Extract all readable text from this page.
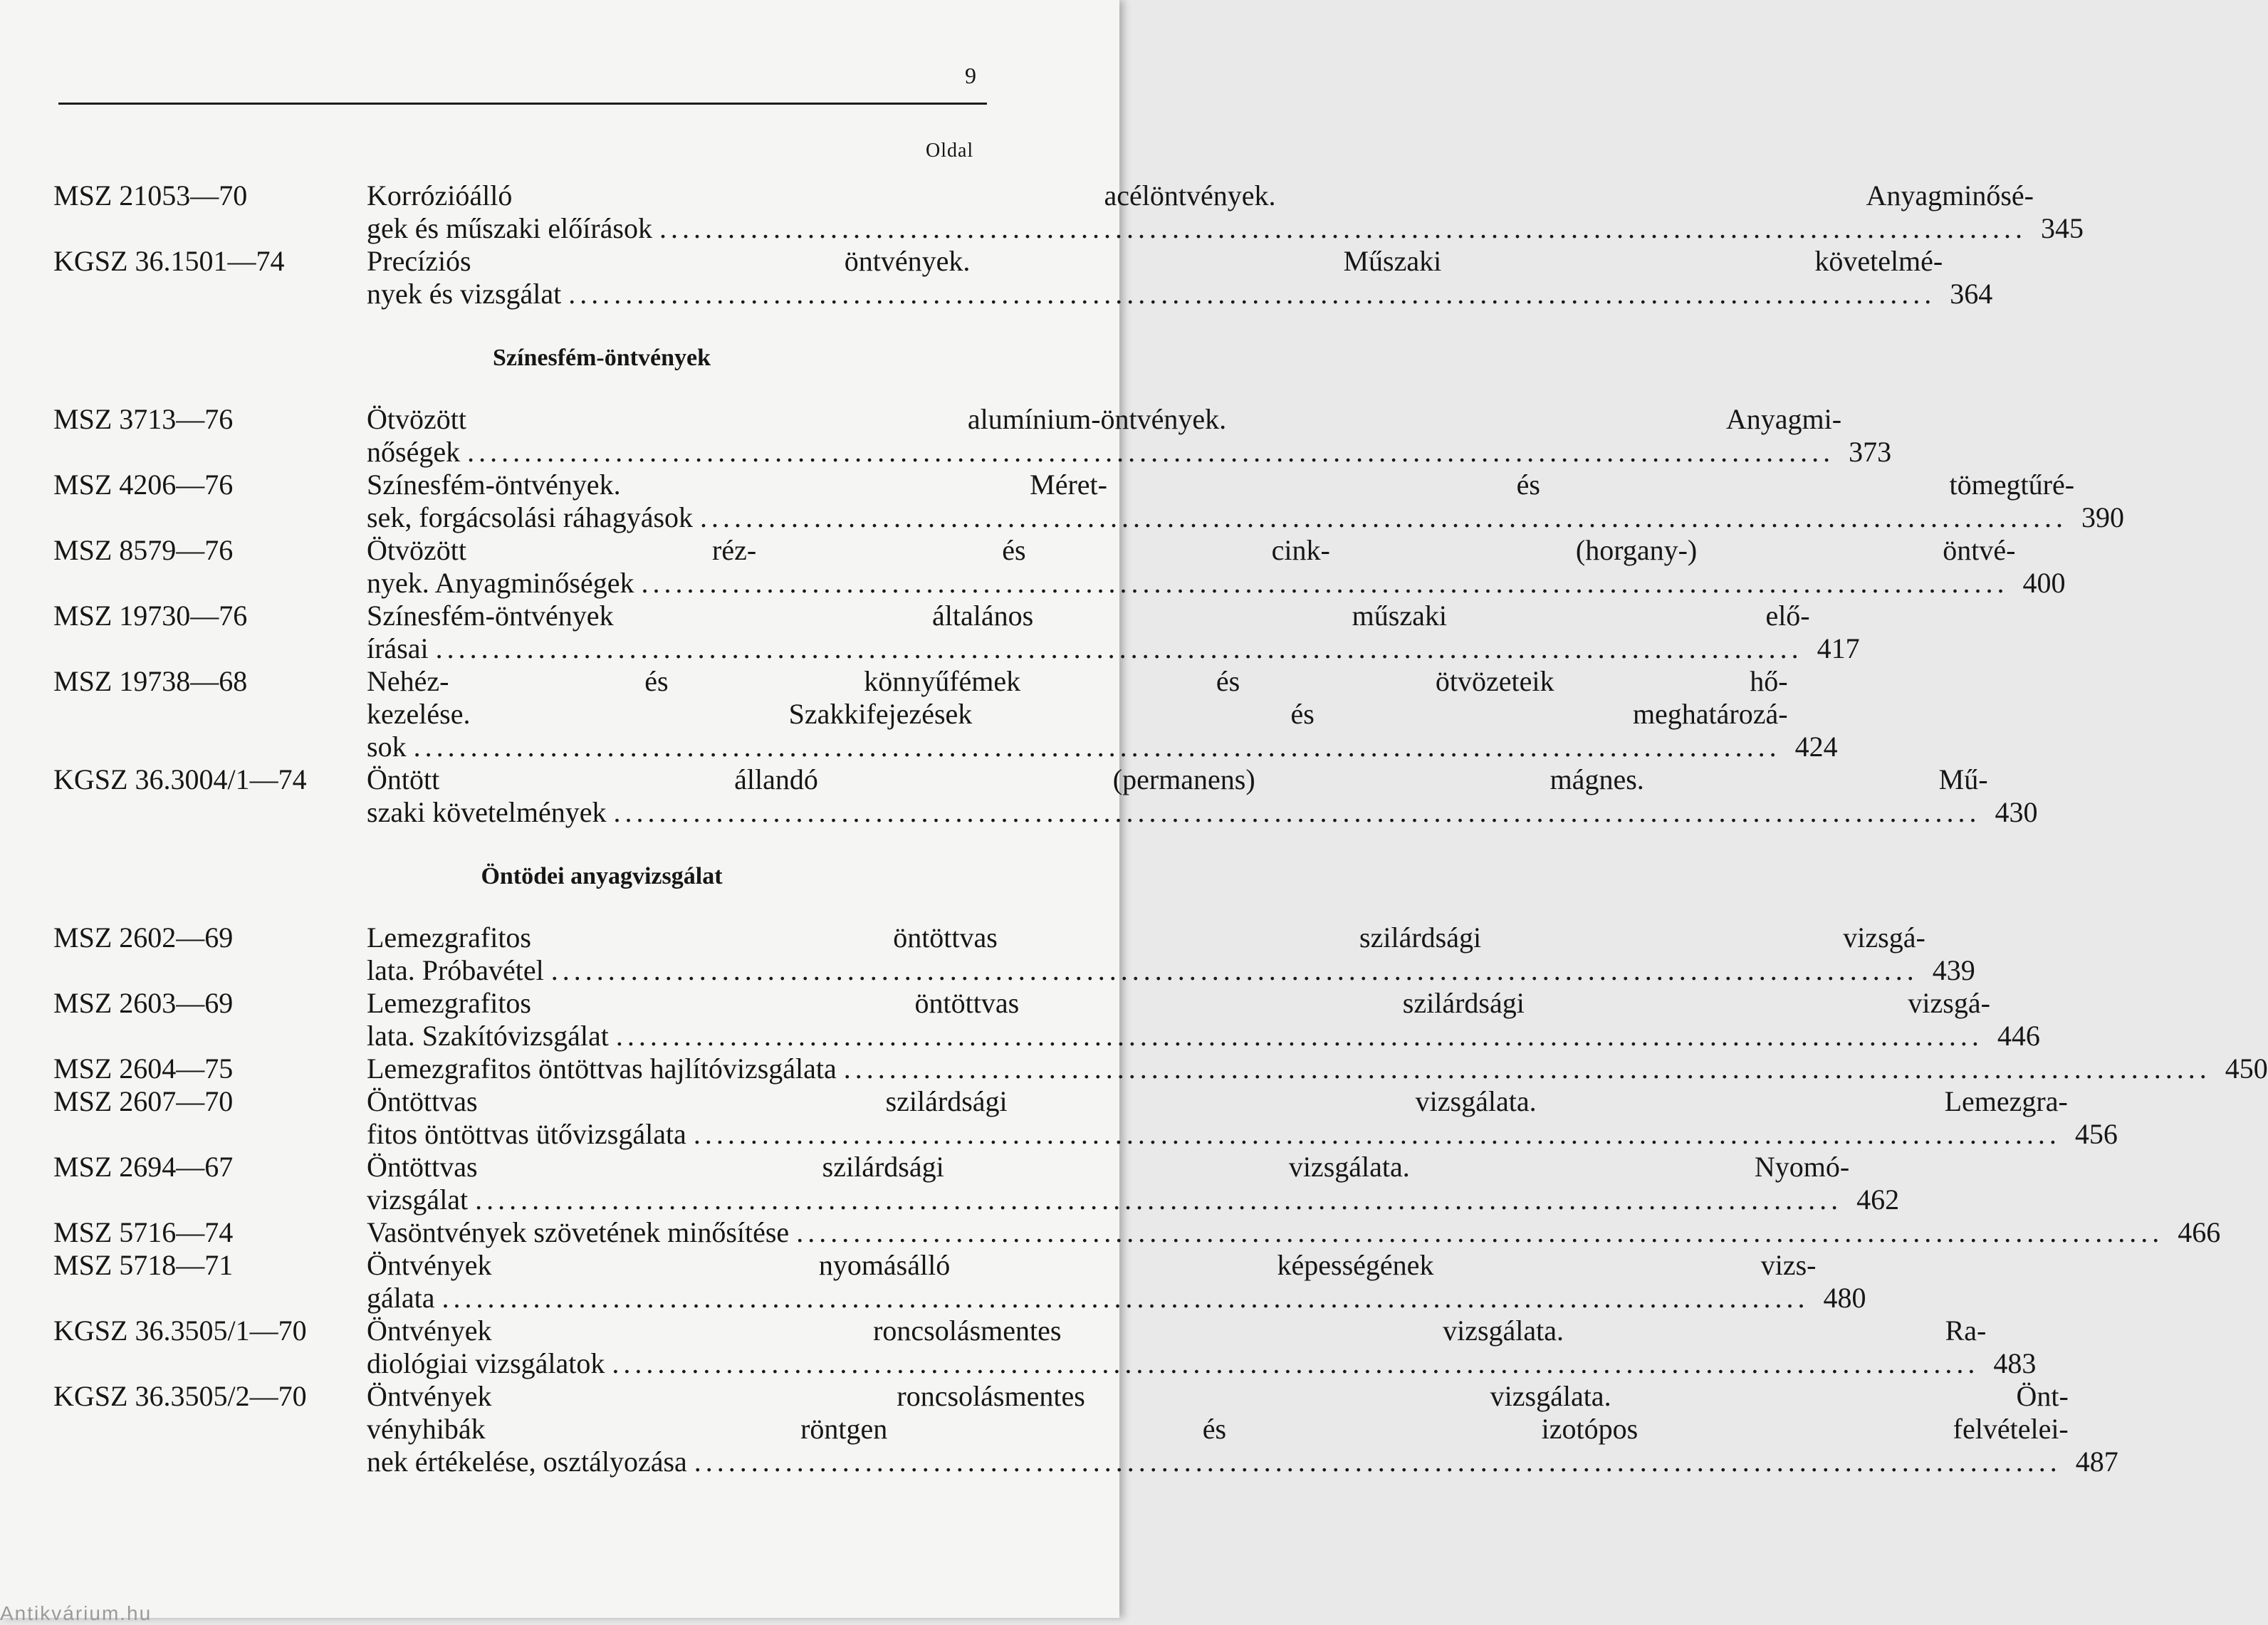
9
Oldal
MSZ 21053—70	Korrózióálló acélöntvények. Anyagminősé-
gek és műszaki előírások .....	345
KGSZ 36.1501—74	Precíziós öntvények. Műszaki követelmé-
nyek és vizsgálat .....	364
Színesfém-öntvények
MSZ 3713—76	Ötvözött alumínium-öntvények. Anyagmi-
nőségek .....	373
MSZ 4206—76	Színesfém-öntvények. Méret- és tömegtűré-
sek, forgácsolási ráhagyások .....	390
MSZ 8579—76	Ötvözött réz- és cink- (horgany-) öntvé-
nyek. Anyagminőségek .....	400
MSZ 19730—76	Színesfém-öntvények általános műszaki elő-
írásai .....	417
MSZ 19738—68	Nehéz- és könnyűfémek és ötvözeteik hő-
kezelése. Szakkifejezések és meghatározá-
sok .....	424
KGSZ 36.3004/1—74	Öntött állandó (permanens) mágnes. Mű-
szaki követelmények .....	430
Öntödei anyagvizsgálat
MSZ 2602—69	Lemezgrafitos öntöttvas szilárdsági vizsgá-
lata. Próbavétel .....	439
MSZ 2603—69	Lemezgrafitos öntöttvas szilárdsági vizsgá-
lata. Szakítóvizsgálat .....	446
MSZ 2604—75	Lemezgrafitos öntöttvas hajlítóvizsgálata .....	450
MSZ 2607—70	Öntöttvas szilárdsági vizsgálata. Lemezgra-
fitos öntöttvas ütővizsgálata .....	456
MSZ 2694—67	Öntöttvas szilárdsági vizsgálata. Nyomó-
vizsgálat .....	462
MSZ 5716—74	Vasöntvények szövetének minősítése .....	466
MSZ 5718—71	Öntvények nyomásálló képességének vizs-
gálata .....	480
KGSZ 36.3505/1—70	Öntvények roncsolásmentes vizsgálata. Ra-
diológiai vizsgálatok .....	483
KGSZ 36.3505/2—70	Öntvények roncsolásmentes vizsgálata. Önt-
vényhibák röntgen és izotópos felvételei-
nek értékelése, osztályozása .....	487
Antikvárium.hu
